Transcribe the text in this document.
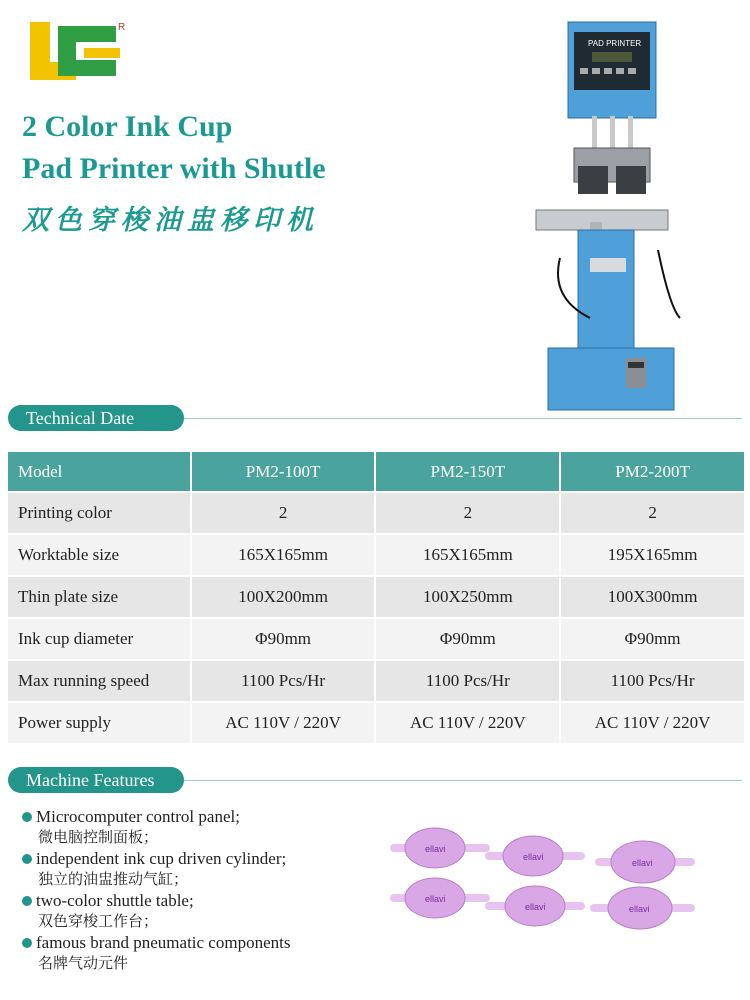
R
2 Color Ink Cup
Pad Printer with Shutle
双色穿梭油盅移印机
PAD PRINTER
Technical Date
Model	PM2-100T	PM2-150T	PM2-200T
Printing color	2	2	2
Worktable size	165X165mm	165X165mm	195X165mm
Thin plate size	100X200mm	100X250mm	100X300mm
Ink cup diameter	Φ90mm	Φ90mm	Φ90mm
Max running speed	1100 Pcs/Hr	1100 Pcs/Hr	1100 Pcs/Hr
Power supply	AC 110V / 220V	AC 110V / 220V	AC 110V / 220V
Machine Features
Microcomputer control panel;
微电脑控制面板；
independent ink cup driven cylinder;
独立的油盅推动气缸；
two-color shuttle table;
双色穿梭工作台；
famous brand pneumatic components
名牌气动元件
ellavi
ellavi
ellavi
ellavi
ellavi	ellavi
